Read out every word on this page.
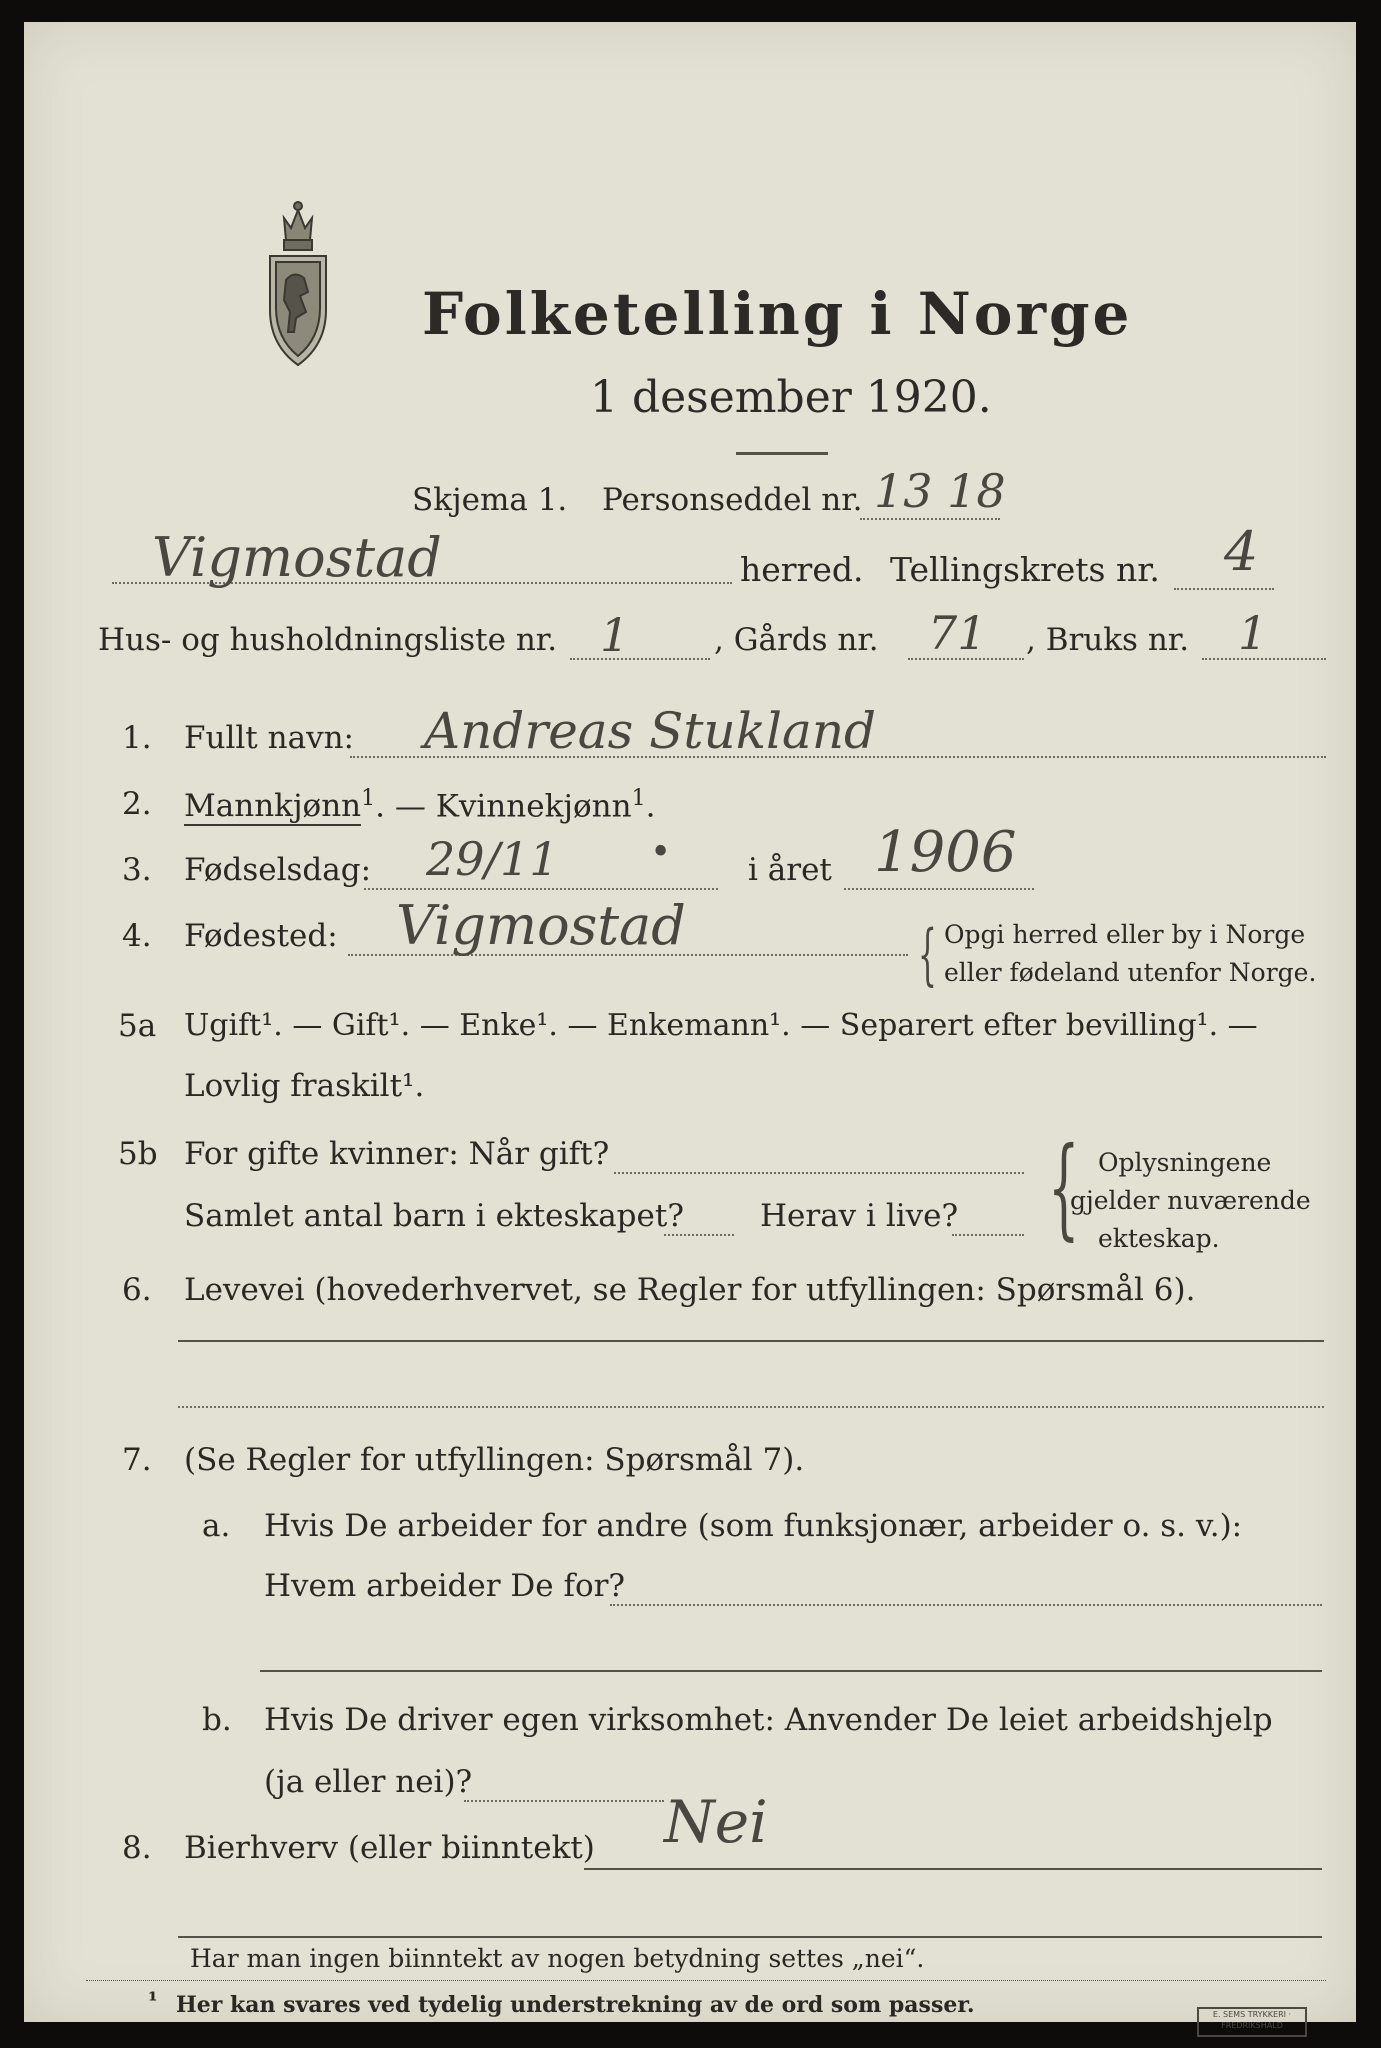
Folketelling i Norge
1 desember 1920.
Skjema 1. Personseddel nr. 13 18
Vigmostad	herred. Tellingskrets nr. 4
Hus- og husholdningsliste nr. 1	, Gårds nr. 71 , Bruks nr. 1
1. Fullt navn: Andreas Stukland
2. Mannkjønn$^1$. — Kvinnekjønn$^1$.
3. Fødselsdag: 29/11	• i året 1906
4. Fødested: Vigmostad	{ Opgi herred eller by i Norge
eller fødeland utenfor Norge.
5a Ugift¹. — Gift¹. — Enke¹. — Enkemann¹. — Separert efter bevilling¹. —
Lovlig fraskilt¹.
5b For gifte kvinner: Når gift?
Samlet antal barn i ekteskapet? Herav i live? { Oplysningene
gjelder nuværende
ekteskap.
6. Levevei (hovederhvervet, se Regler for utfyllingen: Spørsmål 6).
7. (Se Regler for utfyllingen: Spørsmål 7).
a. Hvis De arbeider for andre (som funksjonær, arbeider o. s. v.):
Hvem arbeider De for?
b. Hvis De driver egen virksomhet: Anvender De leiet arbeidshjelp
(ja eller nei)?
8. Bierhverv (eller biinntekt) Nei
Har man ingen biinntekt av nogen betydning settes „nei“.
¹ Her kan svares ved tydelig understrekning av de ord som passer.	E. SEMS TRYKKERI · FREDRIKSHALD
